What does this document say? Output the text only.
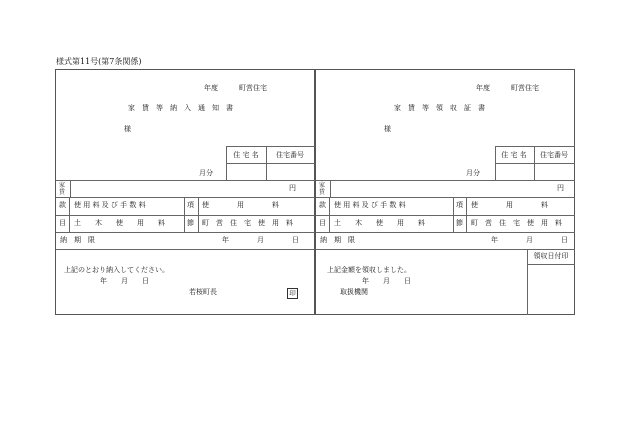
様式第11号(第7条関係)
年度　　　町営住宅
家　賃　等　納　入　通　知　書
様
住 宅 名 住宅番号
月分
家賃
円
款 使 用 料 及 び 手 数 料	項 使　　　　用　　　　料
目 土　　木　　使　　用　　料	節 町　営　住　宅　使　用　料
納　期　限	年　　　　月　　　　日
上記のとおり納入してください。
年　　月　　日
若桜町長	印
年度　　　町営住宅
家　賃　等　領　収　証　書
様
住 宅 名 住宅番号
月分
家賃
円
款 使 用 料 及 び 手 数 料	項 使　　　　用　　　　料
目 土　　木　　使　　用　　料	節 町　営　住　宅　使　用　料
納　期　限	年　　　　月　　　　日
領収日付印
上記金額を領収しました。
年　　月　　日
取扱機関
